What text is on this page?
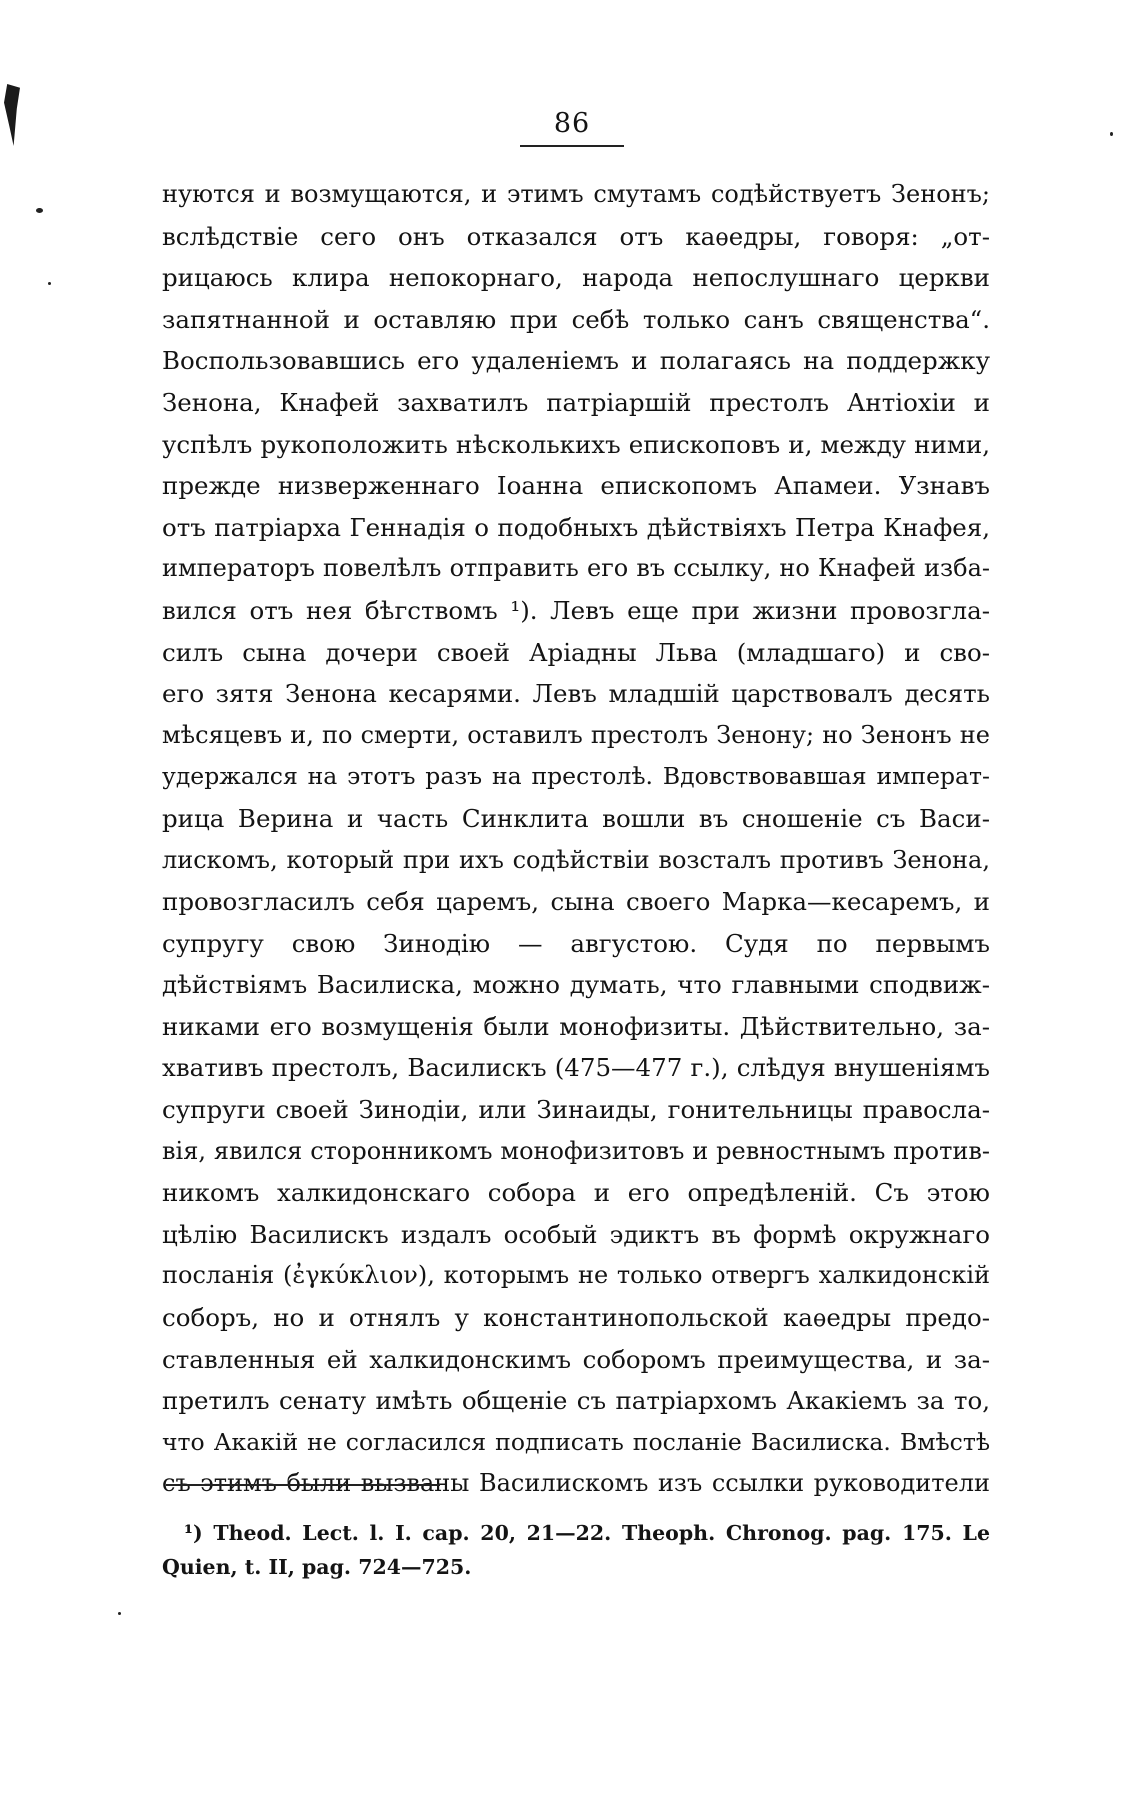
86
нуются и возмущаются, и этимъ смутамъ содѣйствуетъ Зенонъ;
вслѣдствіе сего онъ отказался отъ каѳедры, говоря: „от-
рицаюсь клира непокорнаго, народа непослушнаго церкви
запятнанной и оставляю при себѣ только санъ священства“.
Воспользовавшись его удаленіемъ и полагаясь на поддержку
Зенона, Кнафей захватилъ патріаршій престолъ Антіохіи и
успѣлъ рукоположить нѣсколькихъ епископовъ и, между ними,
прежде низверженнаго Іоанна епископомъ Апамеи. Узнавъ
отъ патріарха Геннадія о подобныхъ дѣйствіяхъ Петра Кнафея,
императоръ повелѣлъ отправить его въ ссылку, но Кнафей изба-
вился отъ нея бѣгствомъ ¹). Левъ еще при жизни провозгла-
силъ сына дочери своей Аріадны Льва (младшаго) и сво-
его зятя Зенона кесарями. Левъ младшій царствовалъ десять
мѣсяцевъ и, по смерти, оставилъ престолъ Зенону; но Зенонъ не
удержался на этотъ разъ на престолѣ. Вдовствовавшая императ-
рица Верина и часть Синклита вошли въ сношеніе съ Васи-
лискомъ, который при ихъ содѣйствіи возсталъ противъ Зенона,
провозгласилъ себя царемъ, сына своего Марка—кесаремъ, и
супругу свою Зинодію — августою. Судя по первымъ
дѣйствіямъ Василиска, можно думать, что главными сподвиж-
никами его возмущенія были монофизиты. Дѣйствительно, за-
хвативъ престолъ, Василискъ (475—477 г.), слѣдуя внушеніямъ
супруги своей Зинодіи, или Зинаиды, гонительницы правосла-
вія, явился сторонникомъ монофизитовъ и ревностнымъ против-
никомъ халкидонскаго собора и его опредѣленій. Съ этою
цѣлію Василискъ издалъ особый эдиктъ въ формѣ окружнаго
посланія (ἐγκύκλιον), которымъ не только отвергъ халкидонскій
соборъ, но и отнялъ у константинопольской каѳедры предо-
ставленныя ей халкидонскимъ соборомъ преимущества, и за-
претилъ сенату имѣть общеніе съ патріархомъ Акакіемъ за то,
что Акакій не согласился подписать посланіе Василиска. Вмѣстѣ
съ этимъ были вызваны Василискомъ изъ ссылки руководители
¹) Theod. Lect. l. I. cap. 20, 21—22. Theoph. Chronog. pag. 175. Le
Quien, t. II, pag. 724—725.
